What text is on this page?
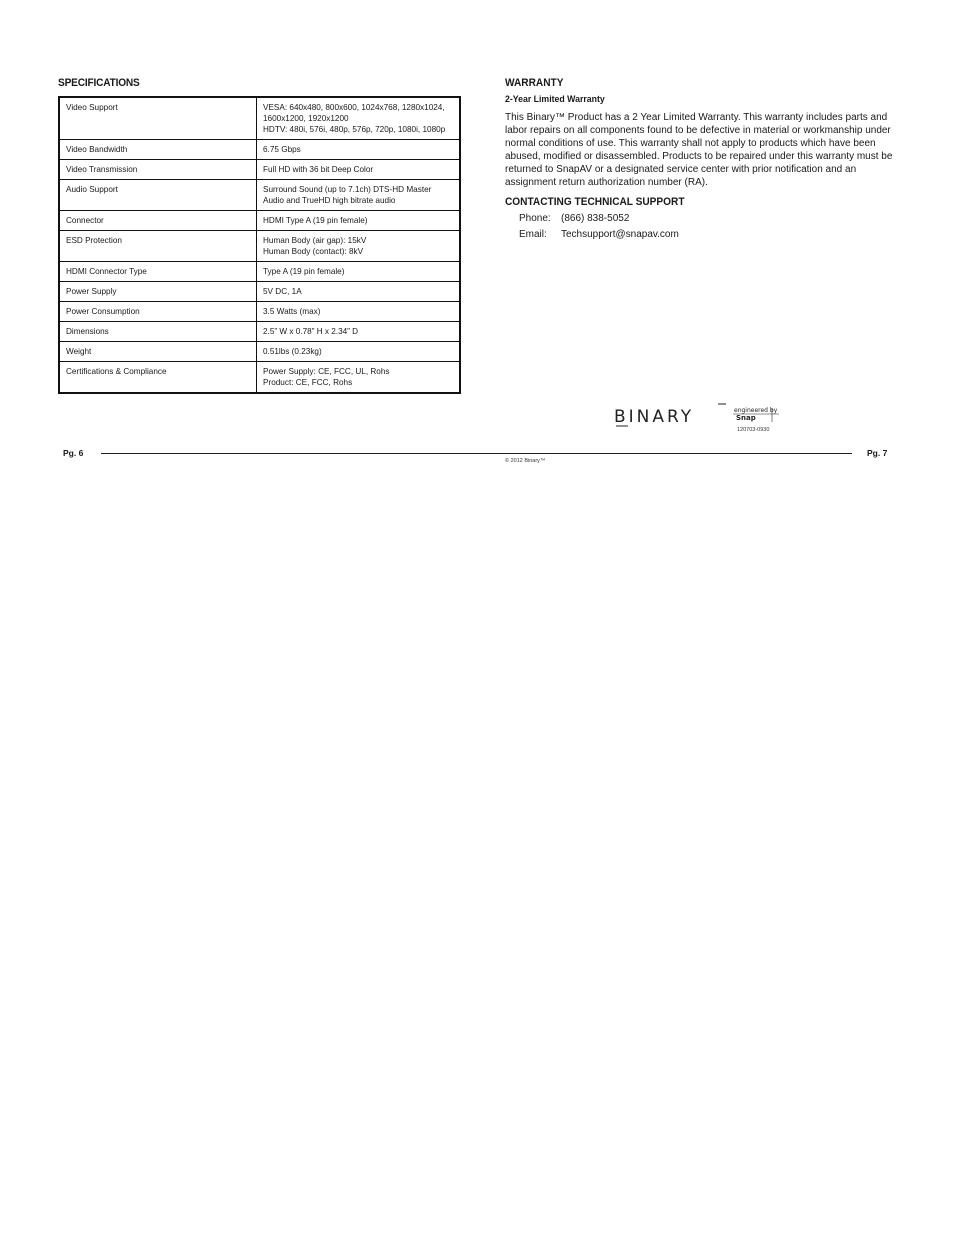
SPECIFICATIONS
Video Support	VESA: 640x480, 800x600, 1024x768, 1280x1024,
1600x1200, 1920x1200
HDTV: 480i, 576i, 480p, 576p, 720p, 1080i, 1080p
Video Bandwidth	6.75 Gbps
Video Transmission	Full HD with 36 bit Deep Color
Audio Support	Surround Sound (up to 7.1ch) DTS-HD Master
Audio and TrueHD high bitrate audio
Connector	HDMI Type A (19 pin female)
ESD Protection	Human Body (air gap): 15kV
Human Body (contact): 8kV
HDMI Connector Type	Type A (19 pin female)
Power Supply	5V DC, 1A
Power Consumption	3.5 Watts (max)
Dimensions	2.5” W x 0.78” H x 2.34” D
Weight	0.51lbs (0.23kg)
Certifications & Compliance	Power Supply: CE, FCC, UL, Rohs
Product: CE, FCC, Rohs
WARRANTY
2-Year Limited Warranty
This Binary™ Product has a 2 Year Limited Warranty. This warranty includes parts and labor repairs on all components found to be defective in material or workmanship under normal conditions of use. This warranty shall not apply to products which have been abused, modified or disassembled. Products to be repaired under this warranty must be returned to SnapAV or a designated service center with prior notification and an assignment return authorization number (RA).
CONTACTING TECHNICAL SUPPORT
Phone: (866) 838-5052
Email: Techsupport@snapav.com
BINARY	engineered by
Snap
120703-0930
Pg. 6	Pg. 7
© 2012 Binary™
